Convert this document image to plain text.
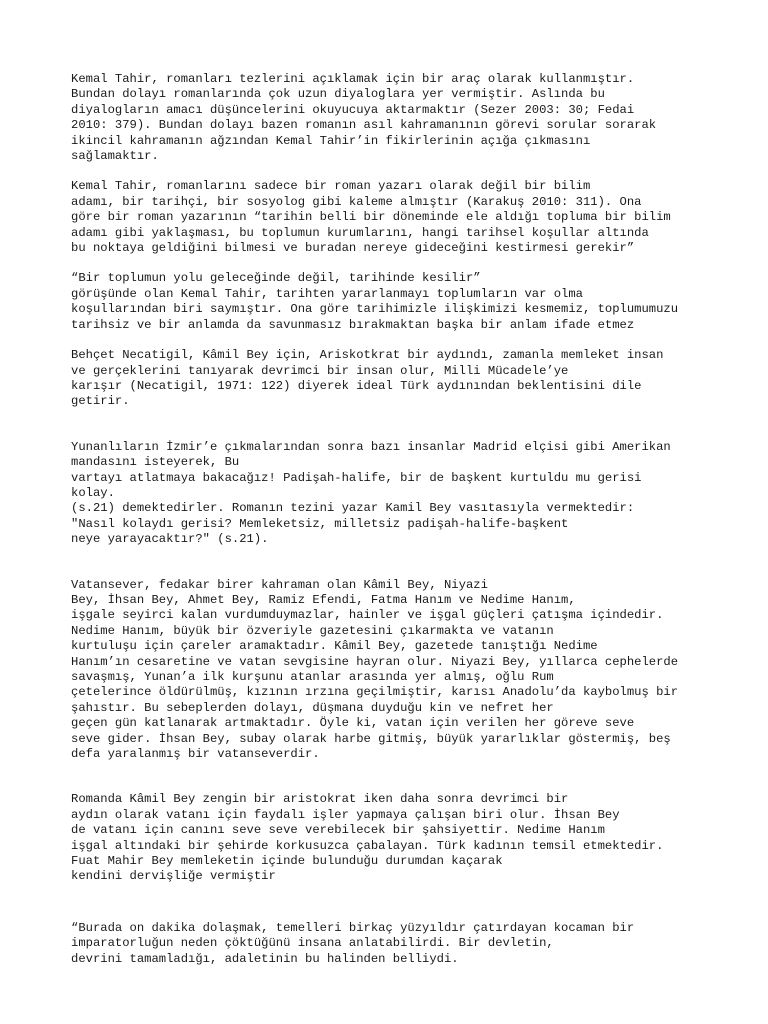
Kemal Tahir, romanları tezlerini açıklamak için bir araç olarak kullanmıştır.
Bundan dolayı romanlarında çok uzun diyaloglara yer vermiştir. Aslında bu
diyalogların amacı düşüncelerini okuyucuya aktarmaktır (Sezer 2003: 30; Fedai
2010: 379). Bundan dolayı bazen romanın asıl kahramanının görevi sorular sorarak
ikincil kahramanın ağzından Kemal Tahir’in fikirlerinin açığa çıkmasını
sağlamaktır.

Kemal Tahir, romanlarını sadece bir roman yazarı olarak değil bir bilim
adamı, bir tarihçi, bir sosyolog gibi kaleme almıştır (Karakuş 2010: 311). Ona
göre bir roman yazarının “tarihin belli bir döneminde ele aldığı topluma bir bilim
adamı gibi yaklaşması, bu toplumun kurumlarını, hangi tarihsel koşullar altında
bu noktaya geldiğini bilmesi ve buradan nereye gideceğini kestirmesi gerekir”

“Bir toplumun yolu geleceğinde değil, tarihinde kesilir”
görüşünde olan Kemal Tahir, tarihten yararlanmayı toplumların var olma
koşullarından biri saymıştır. Ona göre tarihimizle ilişkimizi kesmemiz, toplumumuzu
tarihsiz ve bir anlamda da savunmasız bırakmaktan başka bir anlam ifade etmez

Behçet Necatigil, Kâmil Bey için, Ariskotkrat bir aydındı, zamanla memleket insan
ve gerçeklerini tanıyarak devrimci bir insan olur, Milli Mücadele’ye
karışır (Necatigil, 1971: 122) diyerek ideal Türk aydınından beklentisini dile
getirir.

Yunanlıların İzmir’e çıkmalarından sonra bazı insanlar Madrid elçisi gibi Amerikan
mandasını isteyerek, Bu
vartayı atlatmaya bakacağız! Padişah-halife, bir de başkent kurtuldu mu gerisi
kolay.
(s.21) demektedirler. Romanın tezini yazar Kamil Bey vasıtasıyla vermektedir:
"Nasıl kolaydı gerisi? Memleketsiz, milletsiz padişah-halife-başkent
neye yarayacaktır?" (s.21).

Vatansever, fedakar birer kahraman olan Kâmil Bey, Niyazi
Bey, İhsan Bey, Ahmet Bey, Ramiz Efendi, Fatma Hanım ve Nedime Hanım,
işgale seyirci kalan vurdumduymazlar, hainler ve işgal güçleri çatışma içindedir.
Nedime Hanım, büyük bir özveriyle gazetesini çıkarmakta ve vatanın
kurtuluşu için çareler aramaktadır. Kâmil Bey, gazetede tanıştığı Nedime
Hanım’ın cesaretine ve vatan sevgisine hayran olur. Niyazi Bey, yıllarca cephelerde
savaşmış, Yunan’a ilk kurşunu atanlar arasında yer almış, oğlu Rum
çetelerince öldürülmüş, kızının ırzına geçilmiştir, karısı Anadolu’da kaybolmuş bir
şahıstır. Bu sebeplerden dolayı, düşmana duyduğu kin ve nefret her
geçen gün katlanarak artmaktadır. Öyle ki, vatan için verilen her göreve seve
seve gider. İhsan Bey, subay olarak harbe gitmiş, büyük yararlıklar göstermiş, beş
defa yaralanmış bir vatanseverdir.

Romanda Kâmil Bey zengin bir aristokrat iken daha sonra devrimci bir
aydın olarak vatanı için faydalı işler yapmaya çalışan biri olur. İhsan Bey
de vatanı için canını seve seve verebilecek bir şahsiyettir. Nedime Hanım
işgal altındaki bir şehirde korkusuzca çabalayan. Türk kadının temsil etmektedir.
Fuat Mahir Bey memleketin içinde bulunduğu durumdan kaçarak
kendini dervişliğe vermiştir

“Burada on dakika dolaşmak, temelleri birkaç yüzyıldır çatırdayan kocaman bir
imparatorluğun neden çöktüğünü insana anlatabilirdi. Bir devletin,
devrini tamamladığı, adaletinin bu halinden belliydi.
